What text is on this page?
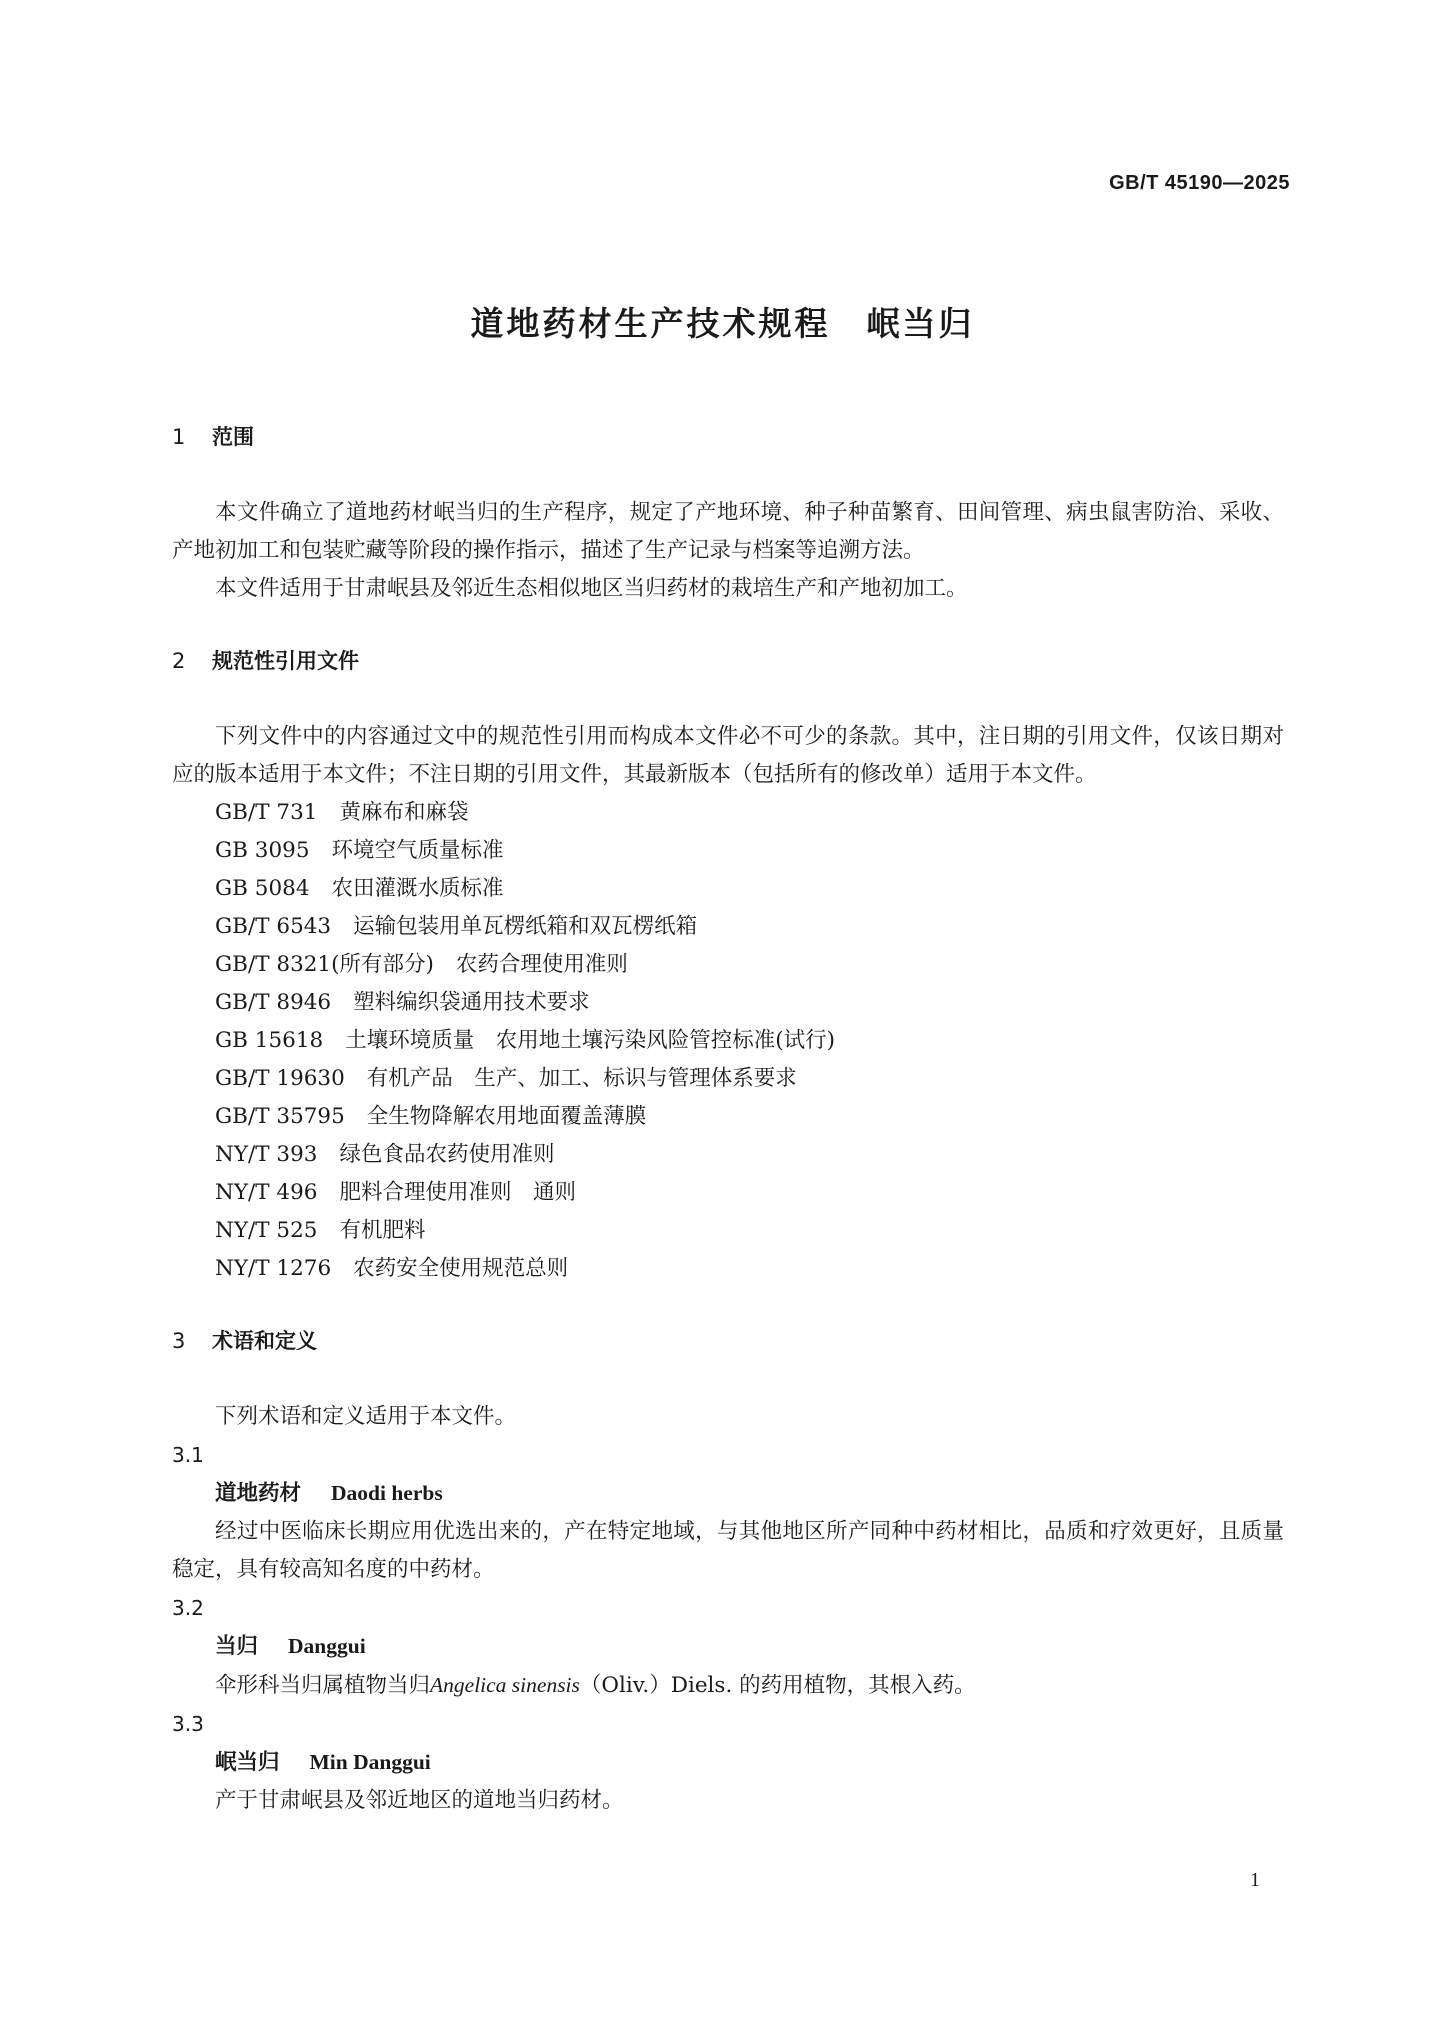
GB/T 45190—2025
道地药材生产技术规程　岷当归
1 范围

本文件确立了道地药材岷当归的生产程序，规定了产地环境、种子种苗繁育、田间管理、病虫鼠害防治、采收、产地初加工和包装贮藏等阶段的操作指示，描述了生产记录与档案等追溯方法。

本文件适用于甘肃岷县及邻近生态相似地区当归药材的栽培生产和产地初加工。

2 规范性引用文件

下列文件中的内容通过文中的规范性引用而构成本文件必不可少的条款。其中，注日期的引用文件，仅该日期对应的版本适用于本文件；不注日期的引用文件，其最新版本（包括所有的修改单）适用于本文件。

GB/T 731 黄麻布和麻袋
GB 3095 环境空气质量标准
GB 5084 农田灌溉水质标准
GB/T 6543 运输包装用单瓦楞纸箱和双瓦楞纸箱
GB/T 8321(所有部分) 农药合理使用准则
GB/T 8946 塑料编织袋通用技术要求
GB 15618 土壤环境质量　农用地土壤污染风险管控标准(试行)
GB/T 19630 有机产品　生产、加工、标识与管理体系要求
GB/T 35795 全生物降解农用地面覆盖薄膜
NY/T 393 绿色食品农药使用准则
NY/T 496 肥料合理使用准则　通则
NY/T 525 有机肥料
NY/T 1276 农药安全使用规范总则
3 术语和定义

下列术语和定义适用于本文件。

3.1
道地药材 Daodi herbs

经过中医临床长期应用优选出来的，产在特定地域，与其他地区所产同种中药材相比，品质和疗效更好，且质量稳定，具有较高知名度的中药材。

3.2
当归 Danggui

伞形科当归属植物当归Angelica sinensis（Oliv.）Diels. 的药用植物，其根入药。

3.3
岷当归 Min Danggui

产于甘肃岷县及邻近地区的道地当归药材。

1
